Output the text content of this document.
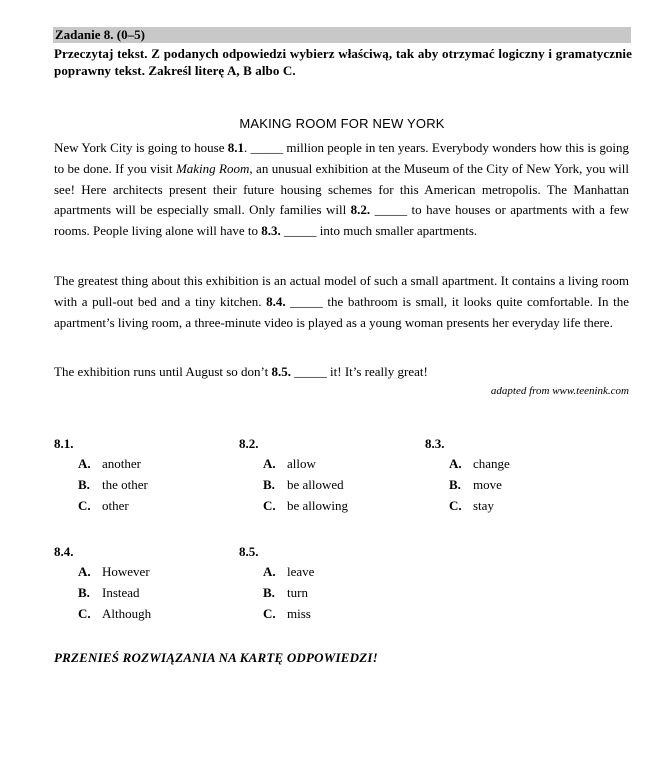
Zadanie 8. (0–5)
Przeczytaj tekst. Z podanych odpowiedzi wybierz właściwą, tak aby otrzymać logiczny i gramatycznie poprawny tekst. Zakreśl literę A, B albo C.
MAKING ROOM FOR NEW YORK

New York City is going to house 8.1. _____ million people in ten years. Everybody wonders how this is going to be done. If you visit Making Room, an unusual exhibition at the Museum of the City of New York, you will see! Here architects present their future housing schemes for this American metropolis. The Manhattan apartments will be especially small. Only families will 8.2. _____ to have houses or apartments with a few rooms. People living alone will have to 8.3. _____ into much smaller apartments.

The greatest thing about this exhibition is an actual model of such a small apartment. It contains a living room with a pull-out bed and a tiny kitchen. 8.4. _____ the bathroom is small, it looks quite comfortable. In the apartment’s living room, a three-minute video is played as a young woman presents her everyday life there.

The exhibition runs until August so don’t 8.5. _____ it! It’s really great!

adapted from www.teenink.com
8.1.
A. another
B. the other
C. other
8.2.
A. allow
B. be allowed
C. be allowing
8.3.
A. change
B. move
C. stay
8.4.
A. However
B. Instead
C. Although
8.5.
A. leave
B. turn
C. miss
PRZENIEŚ ROZWIĄZANIA NA KARTĘ ODPOWIEDZI!
